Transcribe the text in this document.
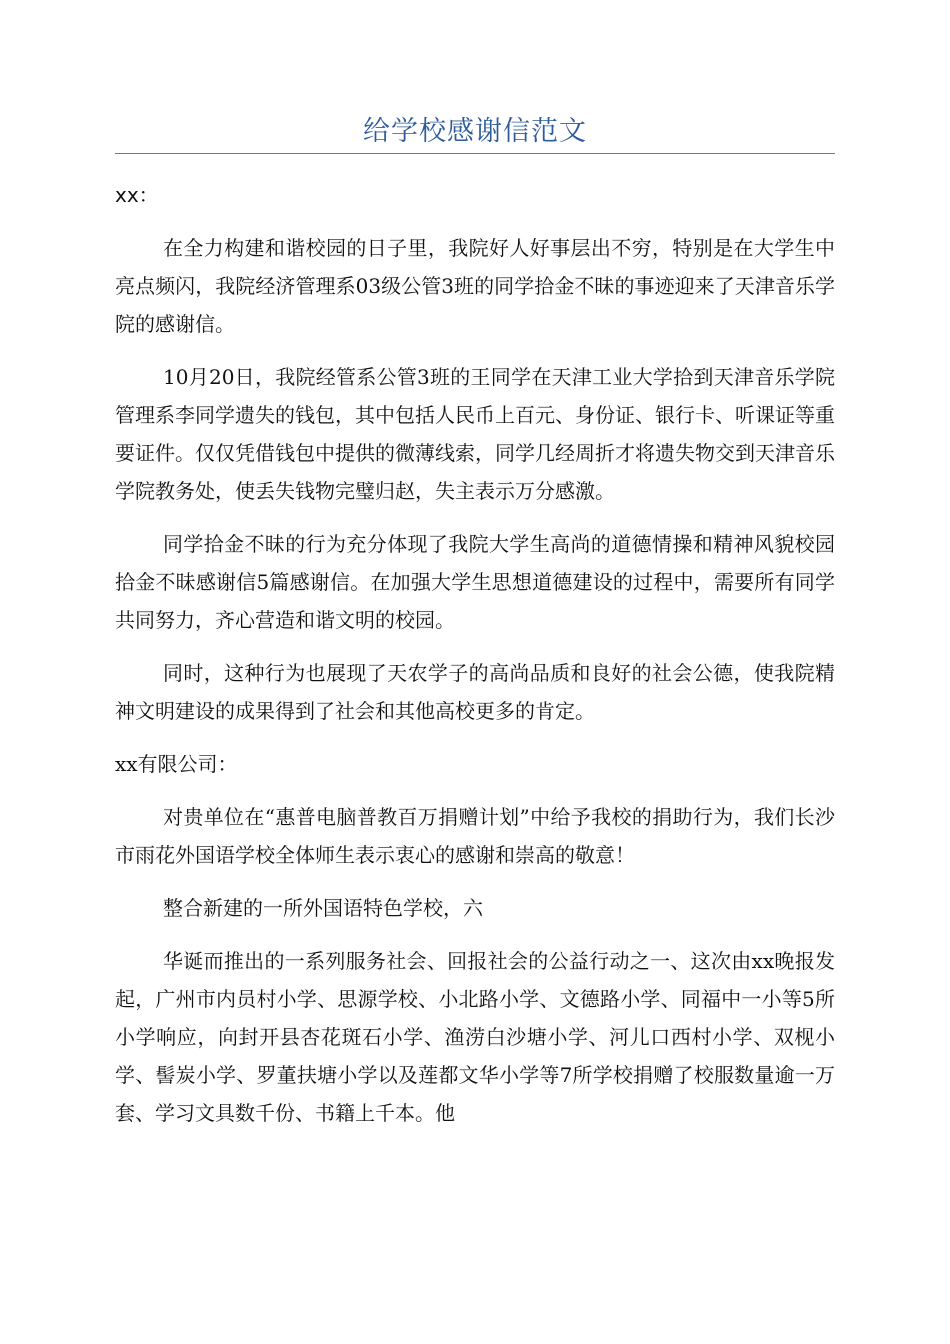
给学校感谢信范文

xx：

在全力构建和谐校园的日子里，我院好人好事层出不穷，特别是在大学生中亮点频闪，我院经济管理系03级公管3班的同学拾金不昧的事迹迎来了天津音乐学院的感谢信。

10月20日，我院经管系公管3班的王同学在天津工业大学拾到天津音乐学院管理系李同学遗失的钱包，其中包括人民币上百元、身份证、银行卡、听课证等重要证件。仅仅凭借钱包中提供的微薄线索，同学几经周折才将遗失物交到天津音乐学院教务处，使丢失钱物完璧归赵，失主表示万分感激。

同学拾金不昧的行为充分体现了我院大学生高尚的道德情操和精神风貌校园拾金不昧感谢信5篇感谢信。在加强大学生思想道德建设的过程中，需要所有同学共同努力，齐心营造和谐文明的校园。

同时，这种行为也展现了天农学子的高尚品质和良好的社会公德，使我院精神文明建设的成果得到了社会和其他高校更多的肯定。

xx有限公司：

对贵单位在“惠普电脑普教百万捐赠计划”中给予我校的捐助行为，我们长沙市雨花外国语学校全体师生表示衷心的感谢和崇高的敬意！

整合新建的一所外国语特色学校，六

华诞而推出的一系列服务社会、回报社会的公益行动之一、这次由xx晚报发起，广州市内员村小学、思源学校、小北路小学、文德路小学、同福中一小等5所小学响应，向封开县杏花斑石小学、渔涝白沙塘小学、河儿口西村小学、双枧小学、髻炭小学、罗董扶塘小学以及莲都文华小学等7所学校捐赠了校服数量逾一万套、学习文具数千份、书籍上千本。他
